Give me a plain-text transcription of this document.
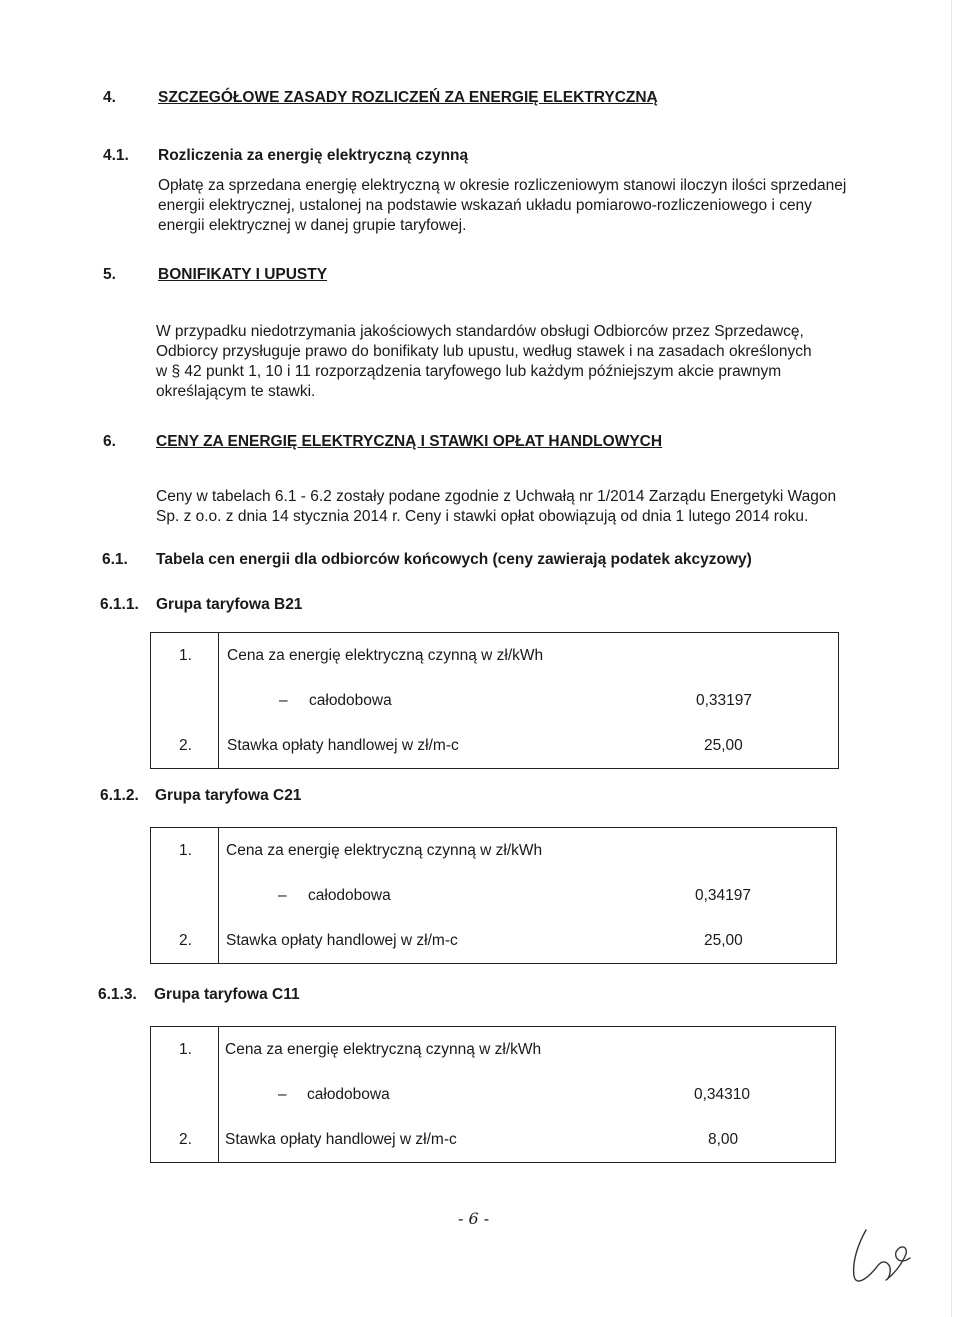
4.	SZCZEGÓŁOWE ZASADY ROZLICZEŃ ZA ENERGIĘ ELEKTRYCZNĄ
4.1. Rozliczenia za energię elektryczną czynną
Opłatę za sprzedana energię elektryczną w okresie rozliczeniowym stanowi iloczyn ilości sprzedanej
energii elektrycznej, ustalonej na podstawie wskazań układu pomiarowo-rozliczeniowego i ceny
energii elektrycznej w danej grupie taryfowej.
5.	BONIFIKATY I UPUSTY
W przypadku niedotrzymania jakościowych standardów obsługi Odbiorców przez Sprzedawcę,
Odbiorcy przysługuje prawo do bonifikaty lub upustu, według stawek i na zasadach określonych
w § 42 punkt 1, 10 i 11 rozporządzenia taryfowego lub każdym późniejszym akcie prawnym
określającym te stawki.
6.	CENY ZA ENERGIĘ ELEKTRYCZNĄ I STAWKI OPŁAT HANDLOWYCH
Ceny w tabelach 6.1 - 6.2 zostały podane zgodnie z Uchwałą nr 1/2014 Zarządu Energetyki Wagon
Sp. z o.o. z dnia 14 stycznia 2014 r. Ceny i stawki opłat obowiązują od dnia 1 lutego 2014 roku.
6.1. Tabela cen energii dla odbiorców końcowych (ceny zawierają podatek akcyzowy)
6.1.1. Grupa taryfowa B21
1. Cena za energię elektryczną czynną w zł/kWh
– całodobowa	0,33197
2. Stawka opłaty handlowej w zł/m-c	25,00
6.1.2. Grupa taryfowa C21
1. Cena za energię elektryczną czynną w zł/kWh
– całodobowa	0,34197
2. Stawka opłaty handlowej w zł/m-c	25,00
6.1.3. Grupa taryfowa C11
1. Cena za energię elektryczną czynną w zł/kWh
– całodobowa	0,34310
2. Stawka opłaty handlowej w zł/m-c	8,00
- 6 -
